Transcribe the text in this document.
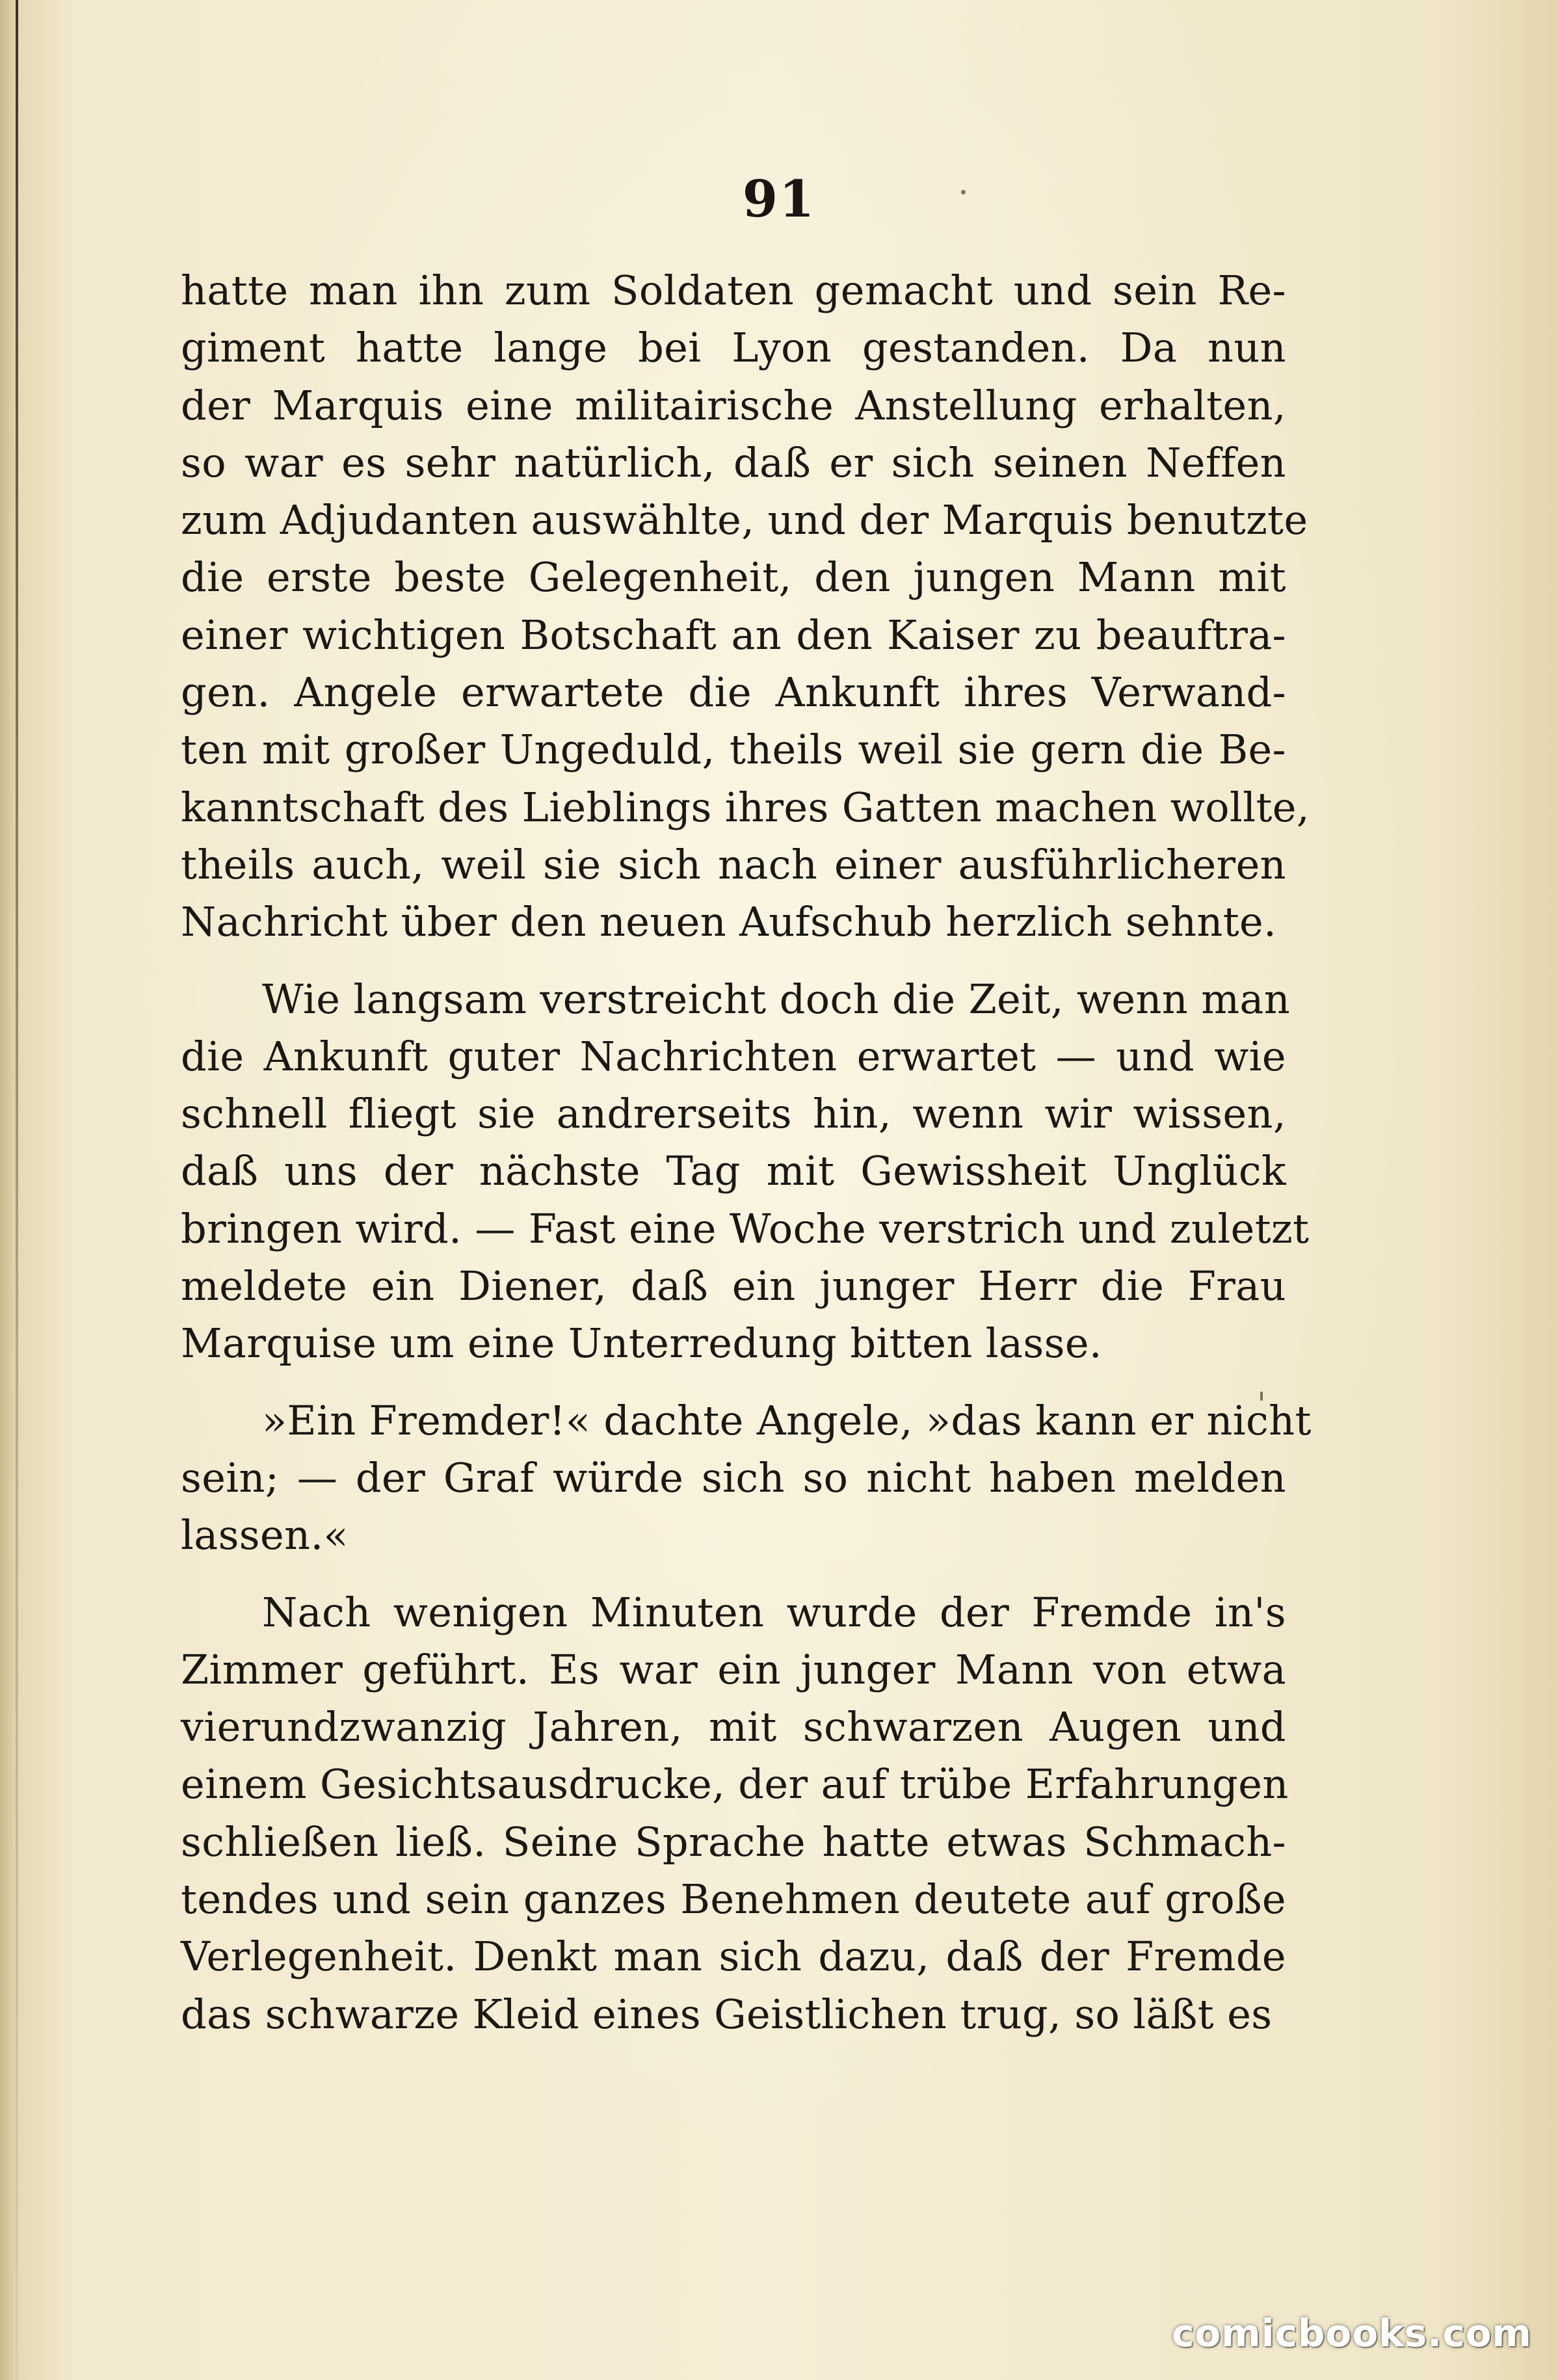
91
hatte man ihn zum Soldaten gemacht und sein Re-
giment hatte lange bei Lyon gestanden. Da nun
der Marquis eine militairische Anstellung erhalten,
so war es sehr natürlich, daß er sich seinen Neffen
zum Adjudanten auswählte, und der Marquis benutzte
die erste beste Gelegenheit, den jungen Mann mit
einer wichtigen Botschaft an den Kaiser zu beauftra-
gen. Angele erwartete die Ankunft ihres Verwand-
ten mit großer Ungeduld, theils weil sie gern die Be-
kanntschaft des Lieblings ihres Gatten machen wollte,
theils auch, weil sie sich nach einer ausführlicheren
Nachricht über den neuen Aufschub herzlich sehnte.
Wie langsam verstreicht doch die Zeit, wenn man
die Ankunft guter Nachrichten erwartet — und wie
schnell fliegt sie andrerseits hin, wenn wir wissen,
daß uns der nächste Tag mit Gewissheit Unglück
bringen wird. — Fast eine Woche verstrich und zuletzt
meldete ein Diener, daß ein junger Herr die Frau
Marquise um eine Unterredung bitten lasse.
»Ein Fremder!« dachte Angele, »das kann er nicht
sein; — der Graf würde sich so nicht haben melden
lassen.«
Nach wenigen Minuten wurde der Fremde in's
Zimmer geführt. Es war ein junger Mann von etwa
vierundzwanzig Jahren, mit schwarzen Augen und
einem Gesichtsausdrucke, der auf trübe Erfahrungen
schließen ließ. Seine Sprache hatte etwas Schmach-
tendes und sein ganzes Benehmen deutete auf große
Verlegenheit. Denkt man sich dazu, daß der Fremde
das schwarze Kleid eines Geistlichen trug, so läßt es
comicbooks.com
